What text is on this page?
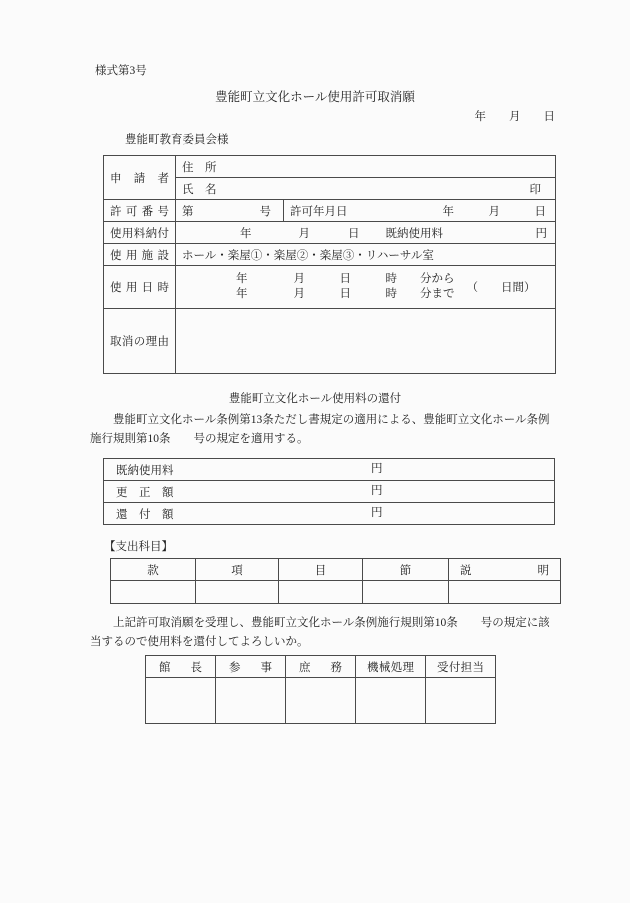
様式第3号
豊能町立文化ホール使用許可取消願
年　　月　　日
豊能町教育委員会様
申請者	住　所	

	氏　名 印	

許可番号	第 号	許可年月日 年　　　月　　　日

使用料納付	年 月 日 既納使用料 円	

使用施設	ホール・楽屋①・楽屋②・楽屋③・リハーサル室	
使用日時	年　　　　月　　　日　　　時　　分から
年　　　　月　　　日　　　時　　分まで （　　日間）	

取消の理由		
豊能町立文化ホール使用料の還付
　　豊能町立文化ホール条例第13条ただし書規定の適用による、豊能町立文化ホール条例
施行規則第10条　　号の規定を適用する。
既納使用料	円

更　正　額	円

還　付　額	円
【支出科目】
款	項	目	節	説　明

　　上記許可取消願を受理し、豊能町立文化ホール条例施行規則第10条　　号の規定に該
当するので使用料を還付してよろしいか。
館長	参事	庶務	機械処理	受付担当
